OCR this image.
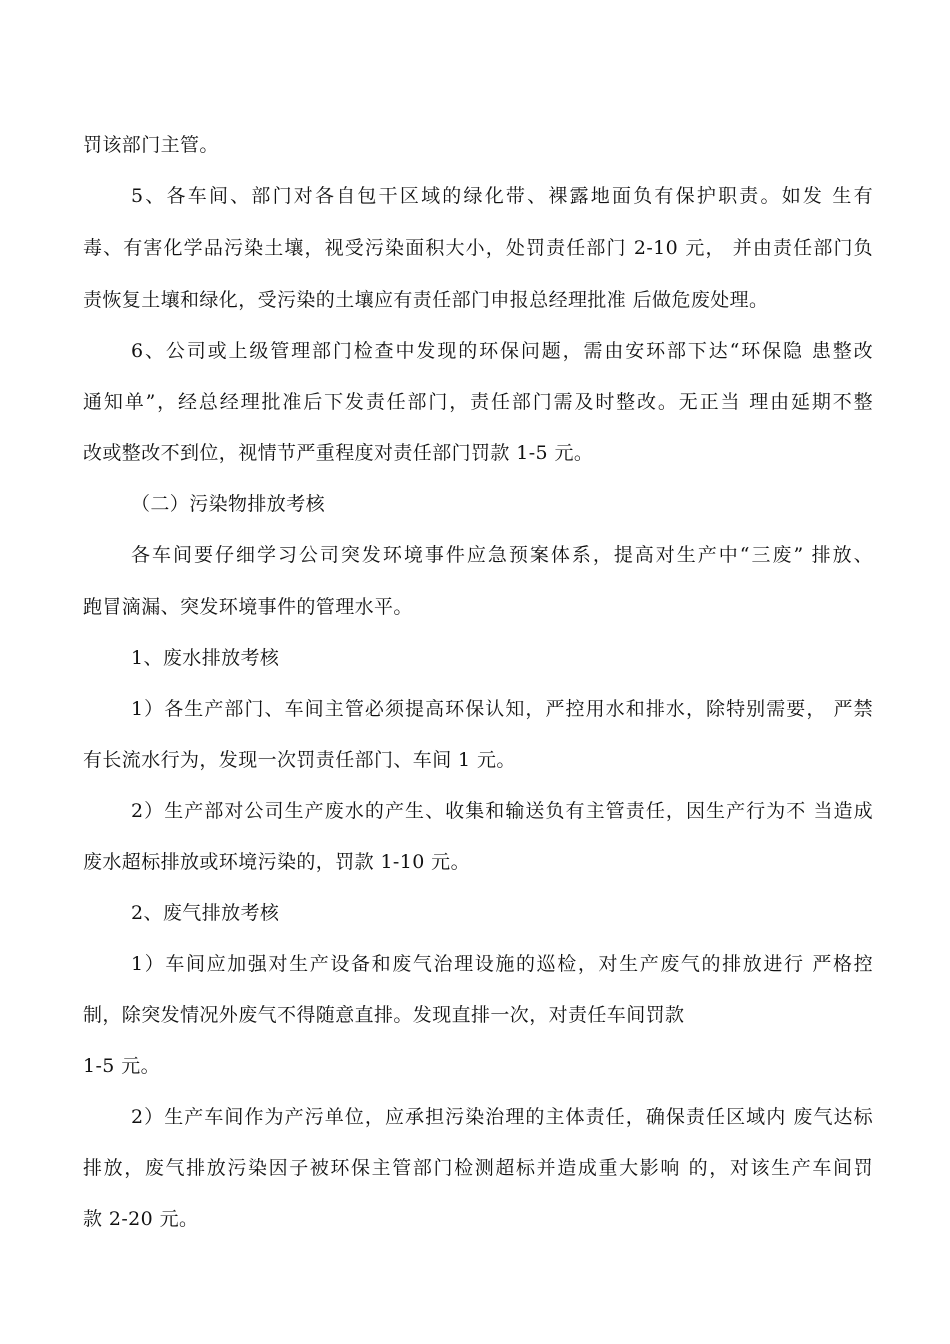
罚该部门主管。
5、各车间、部门对各自包干区域的绿化带、裸露地面负有保护职责。如发 生有
毒、有害化学品污染土壤，视受污染面积大小，处罚责任部门 2-10 元， 并由责任部门负
责恢复土壤和绿化，受污染的土壤应有责任部门申报总经理批准 后做危废处理。
6、公司或上级管理部门检查中发现的环保问题，需由安环部下达“环保隐 患整改
通知单”，经总经理批准后下发责任部门，责任部门需及时整改。无正当 理由延期不整
改或整改不到位，视情节严重程度对责任部门罚款 1-5 元。
（二）污染物排放考核
各车间要仔细学习公司突发环境事件应急预案体系，提高对生产中“三废” 排放、
跑冒滴漏、突发环境事件的管理水平。
1、废水排放考核
1）各生产部门、车间主管必须提高环保认知，严控用水和排水，除特别需要， 严禁
有长流水行为，发现一次罚责任部门、车间 1 元。
2）生产部对公司生产废水的产生、收集和输送负有主管责任，因生产行为不 当造成
废水超标排放或环境污染的，罚款 1-10 元。
2、废气排放考核
1）车间应加强对生产设备和废气治理设施的巡检，对生产废气的排放进行 严格控
制，除突发情况外废气不得随意直排。发现直排一次，对责任车间罚款
1-5 元。
2）生产车间作为产污单位，应承担污染治理的主体责任，确保责任区域内 废气达标
排放，废气排放污染因子被环保主管部门检测超标并造成重大影响 的，对该生产车间罚
款 2-20 元。
